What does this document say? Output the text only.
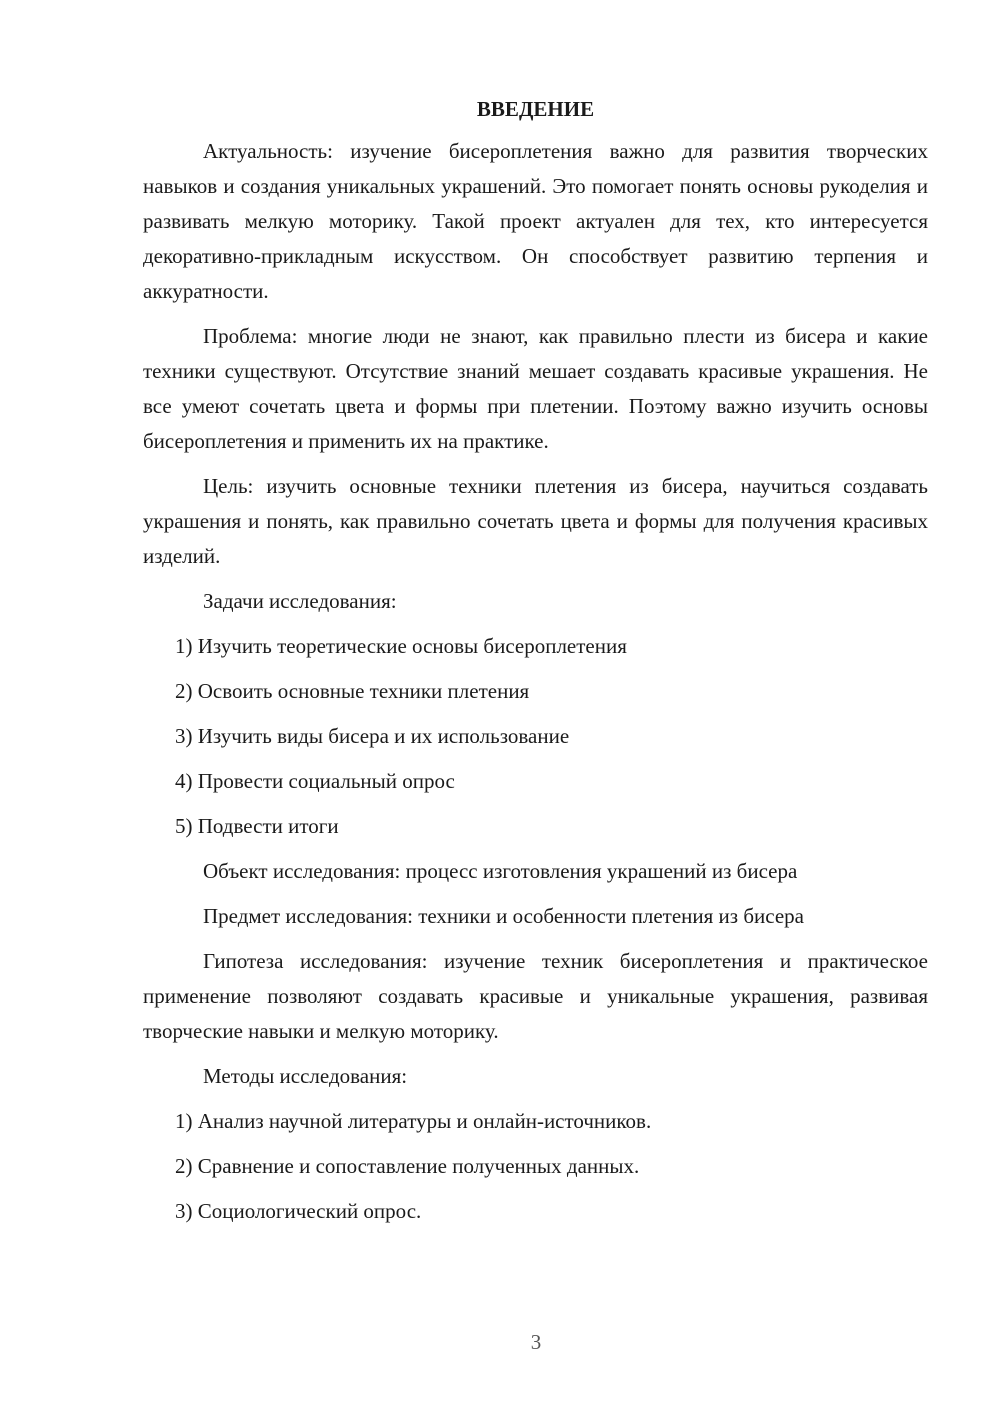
ВВЕДЕНИЕ

Актуальность: изучение бисероплетения важно для развития творческих навыков и создания уникальных украшений. Это помогает понять основы рукоделия и развивать мелкую моторику. Такой проект актуален для тех, кто интересуется декоративно-прикладным искусством. Он способствует развитию терпения и аккуратности.

Проблема: многие люди не знают, как правильно плести из бисера и какие техники существуют. Отсутствие знаний мешает создавать красивые украшения. Не все умеют сочетать цвета и формы при плетении. Поэтому важно изучить основы бисероплетения и применить их на практике.

Цель: изучить основные техники плетения из бисера, научиться создавать украшения и понять, как правильно сочетать цвета и формы для получения красивых изделий.

Задачи исследования:

1) Изучить теоретические основы бисероплетения

2) Освоить основные техники плетения

3) Изучить виды бисера и их использование

4) Провести социальный опрос

5) Подвести итоги

Объект исследования: процесс изготовления украшений из бисера

Предмет исследования: техники и особенности плетения из бисера

Гипотеза исследования: изучение техник бисероплетения и практическое применение позволяют создавать красивые и уникальные украшения, развивая творческие навыки и мелкую моторику.

Методы исследования:

1) Анализ научной литературы и онлайн-источников.

2) Сравнение и сопоставление полученных данных.

3) Социологический опрос.

3
